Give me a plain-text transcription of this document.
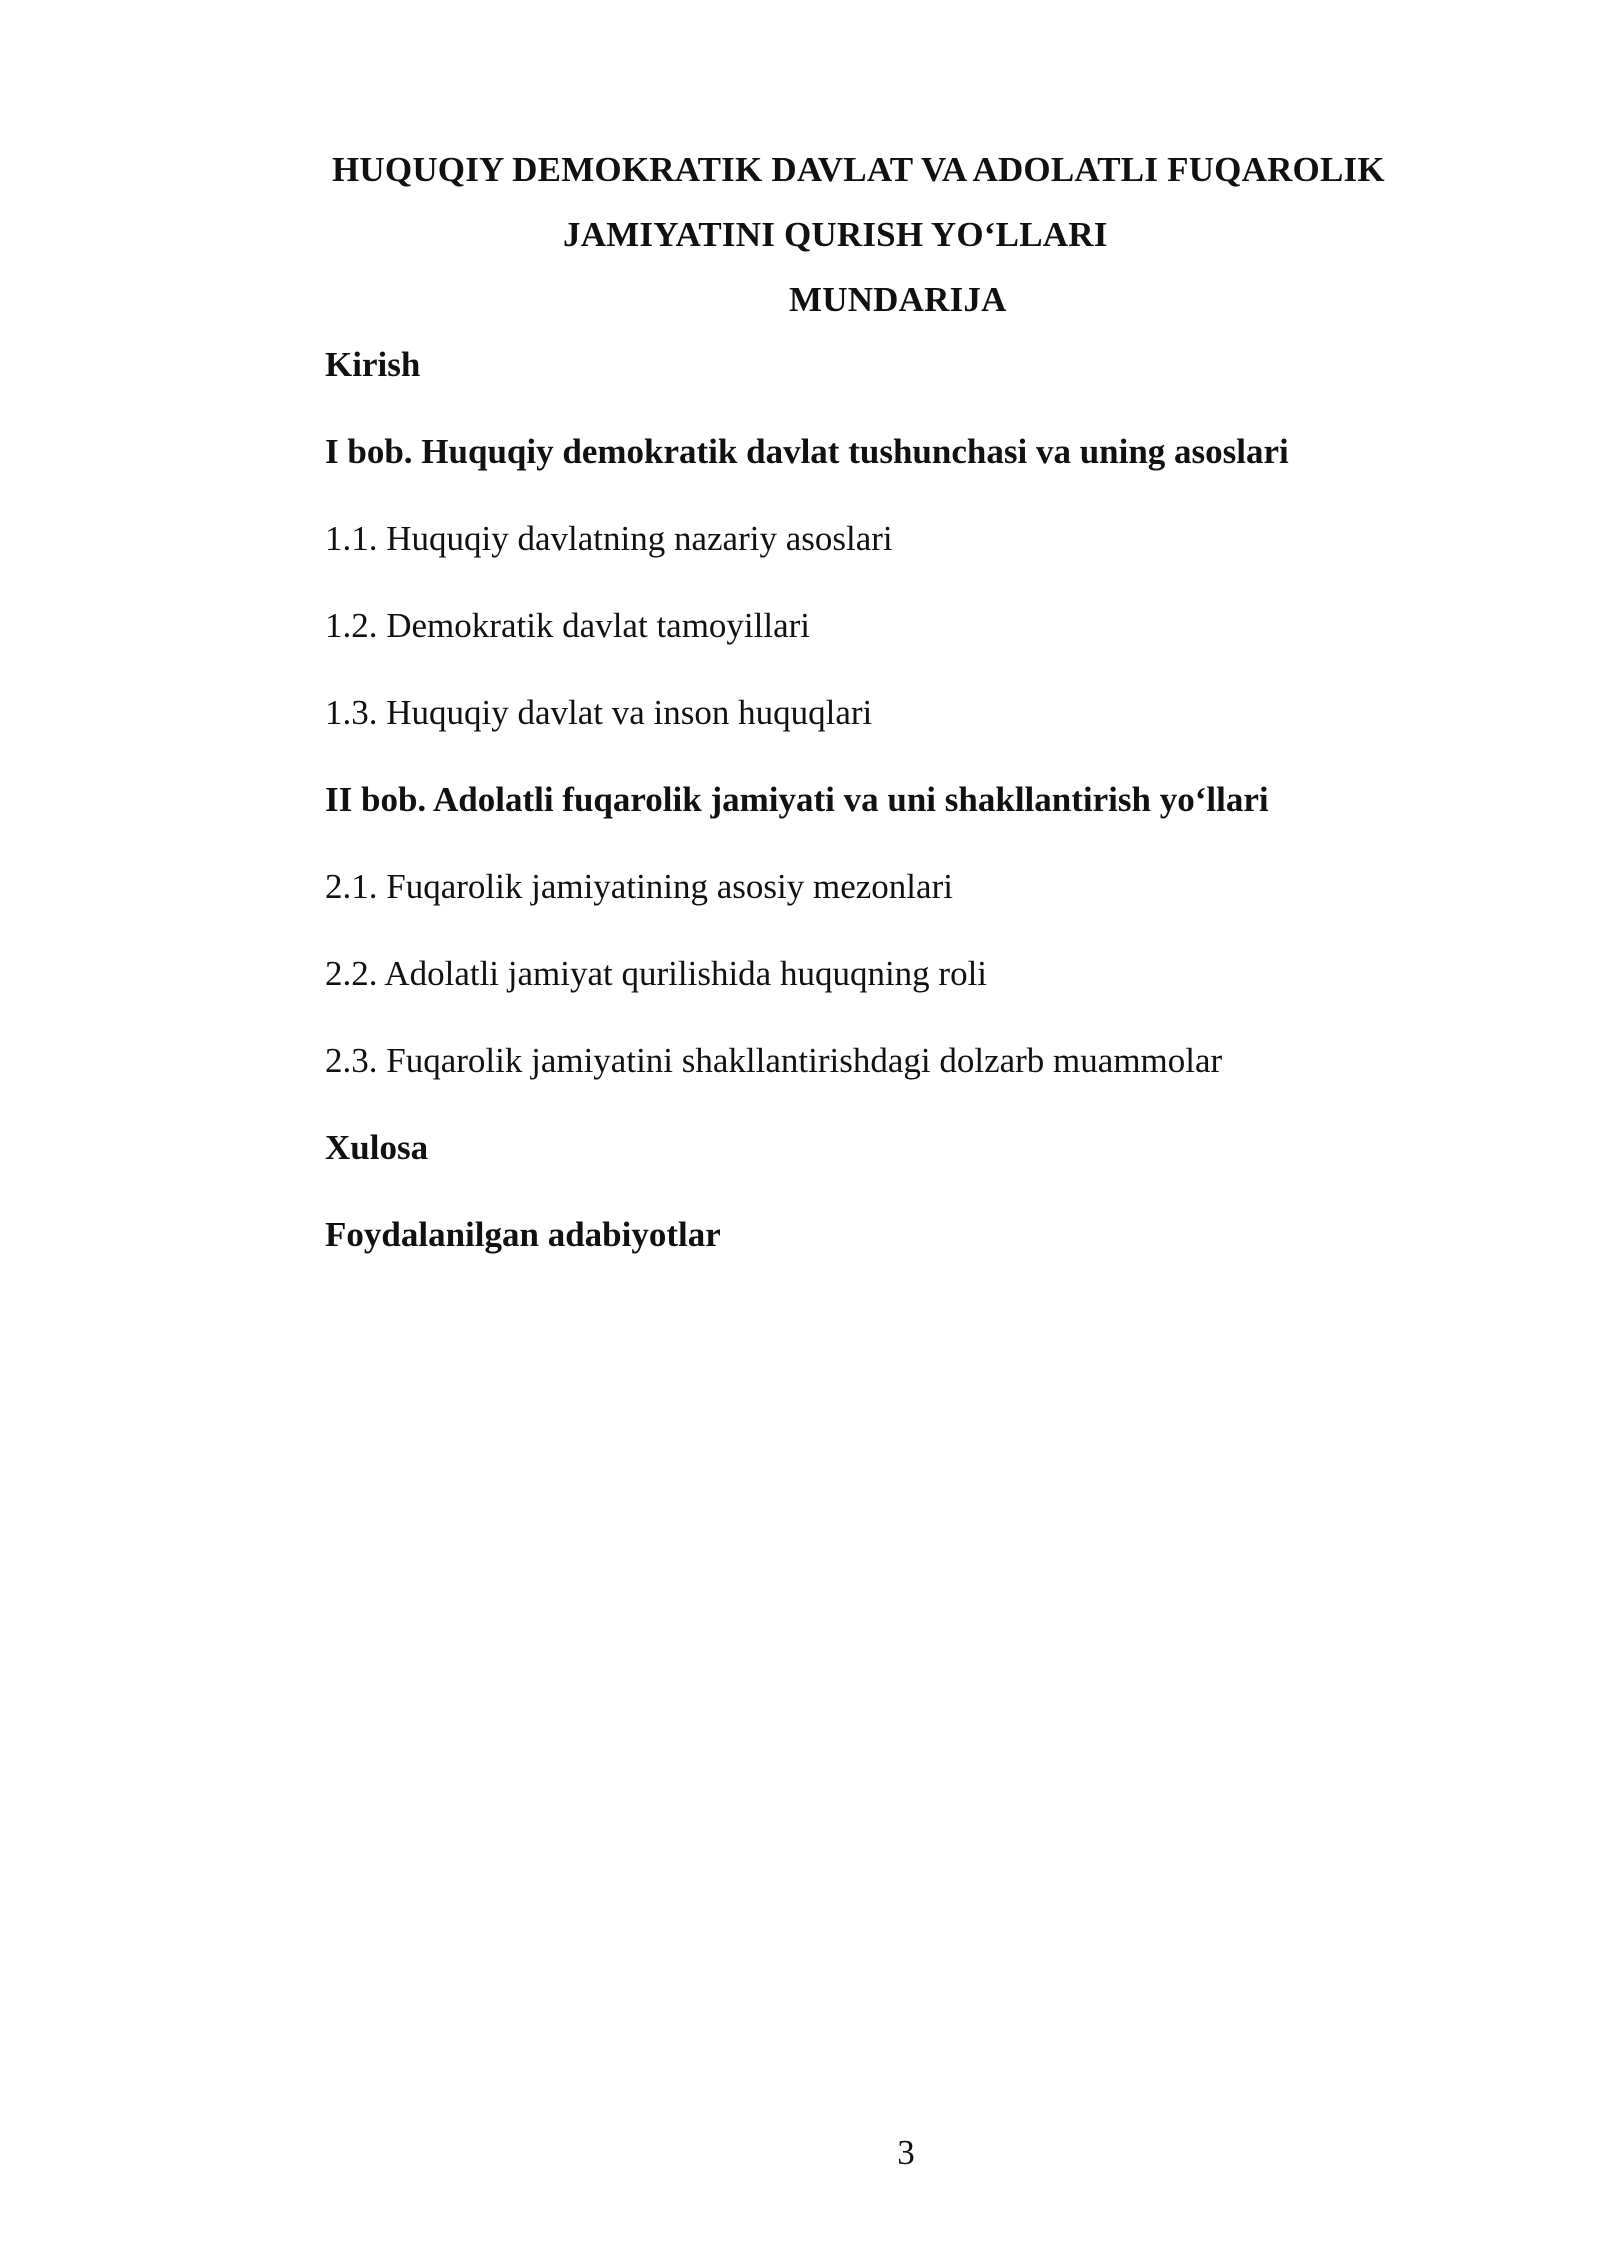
HUQUQIY DEMOKRATIK DAVLAT VA ADOLATLI FUQAROLIK
JAMIYATINI QURISH YO‘LLARI
MUNDARIJA
Kirish
I bob. Huquqiy demokratik davlat tushunchasi va uning asoslari
1.1. Huquqiy davlatning nazariy asoslari
1.2. Demokratik davlat tamoyillari
1.3. Huquqiy davlat va inson huquqlari
II bob. Adolatli fuqarolik jamiyati va uni shakllantirish yo‘llari
2.1. Fuqarolik jamiyatining asosiy mezonlari
2.2. Adolatli jamiyat qurilishida huquqning roli
2.3. Fuqarolik jamiyatini shakllantirishdagi dolzarb muammolar
Xulosa
Foydalanilgan adabiyotlar
3
